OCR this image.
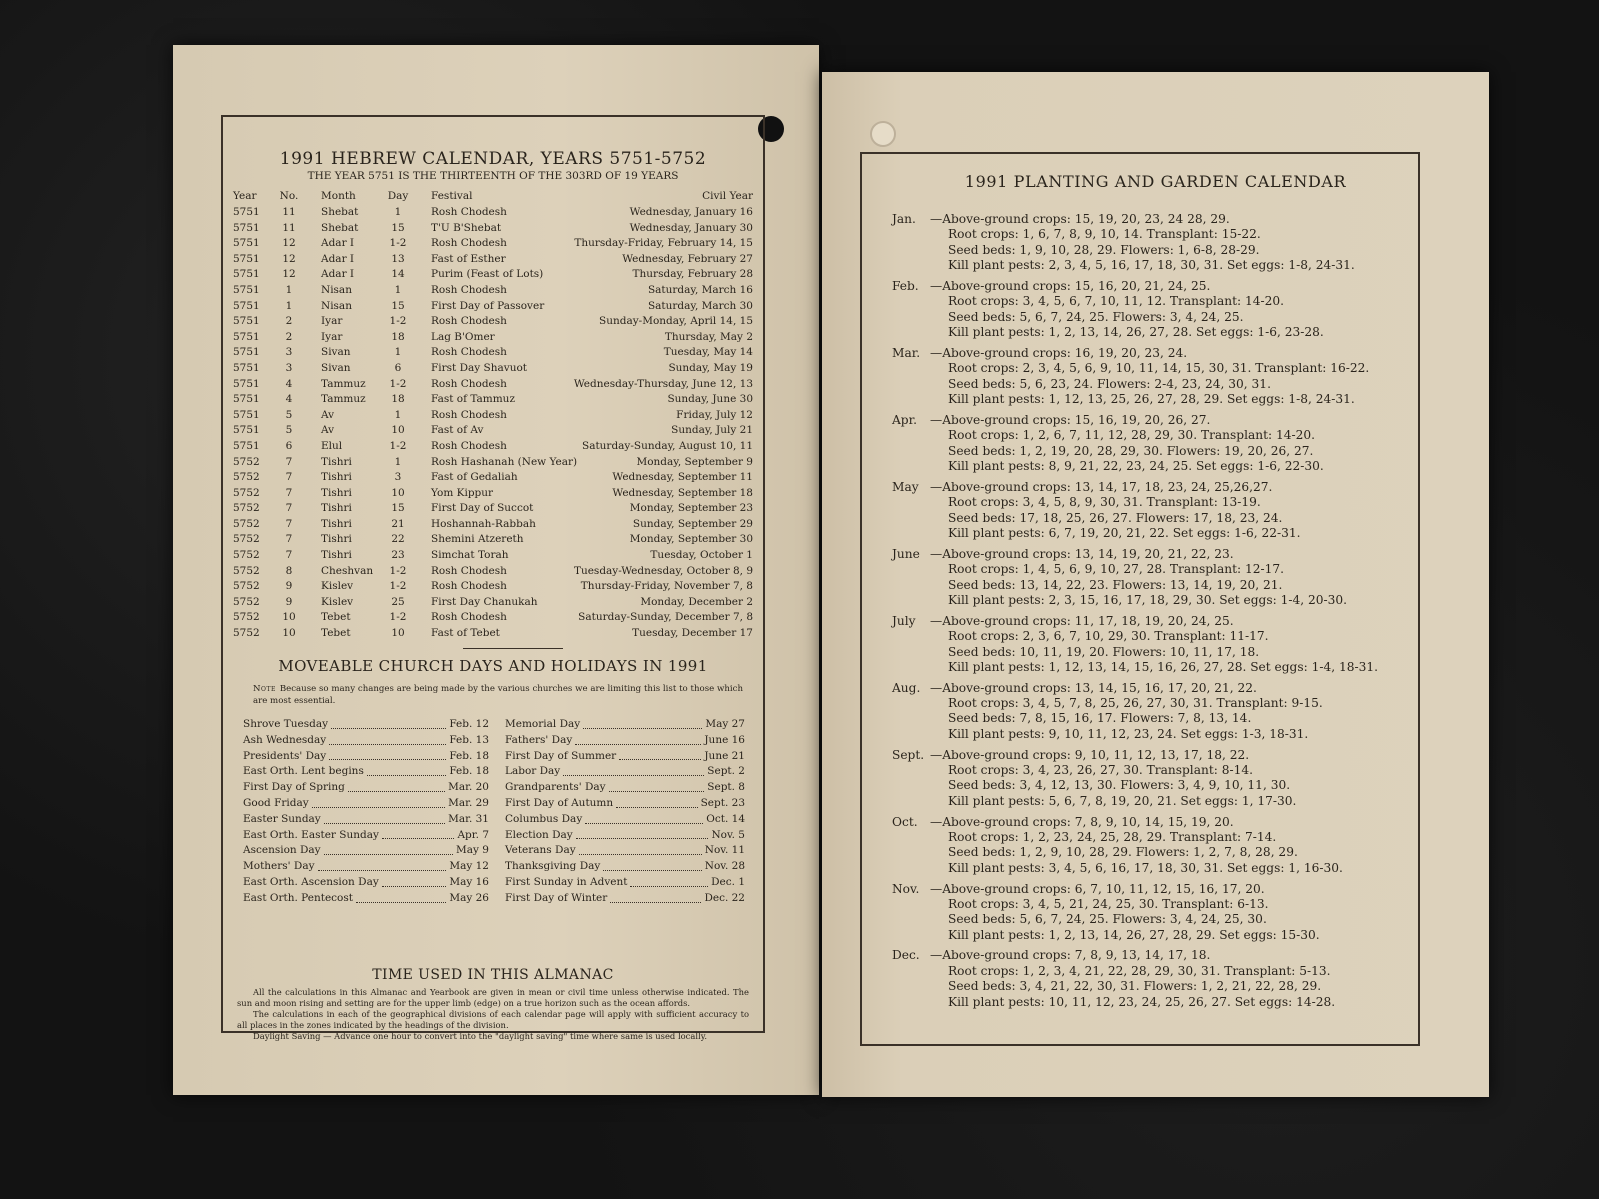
1991 HEBREW CALENDAR, YEARS 5751-5752
THE YEAR 5751 IS THE THIRTEENTH OF THE 303RD OF 19 YEARS
Year	No.	Month	Day	Festival	Civil Year
5751	11	Shebat	1	Rosh Chodesh	Wednesday, January 16
5751	11	Shebat	15	T'U B'Shebat	Wednesday, January 30
5751	12	Adar I	1-2	Rosh Chodesh	Thursday-Friday, February 14, 15
5751	12	Adar I	13	Fast of Esther	Wednesday, February 27
5751	12	Adar I	14	Purim (Feast of Lots)	Thursday, February 28
5751	1	Nisan	1	Rosh Chodesh	Saturday, March 16
5751	1	Nisan	15	First Day of Passover	Saturday, March 30
5751	2	Iyar	1-2	Rosh Chodesh	Sunday-Monday, April 14, 15
5751	2	Iyar	18	Lag B'Omer	Thursday, May 2
5751	3	Sivan	1	Rosh Chodesh	Tuesday, May 14
5751	3	Sivan	6	First Day Shavuot	Sunday, May 19
5751	4	Tammuz	1-2	Rosh Chodesh	Wednesday-Thursday, June 12, 13
5751	4	Tammuz	18	Fast of Tammuz	Sunday, June 30
5751	5	Av	1	Rosh Chodesh	Friday, July 12
5751	5	Av	10	Fast of Av	Sunday, July 21
5751	6	Elul	1-2	Rosh Chodesh	Saturday-Sunday, August 10, 11
5752	7	Tishri	1	Rosh Hashanah (New Year)	Monday, September 9
5752	7	Tishri	3	Fast of Gedaliah	Wednesday, September 11
5752	7	Tishri	10	Yom Kippur	Wednesday, September 18
5752	7	Tishri	15	First Day of Succot	Monday, September 23
5752	7	Tishri	21	Hoshannah-Rabbah	Sunday, September 29
5752	7	Tishri	22	Shemini Atzereth	Monday, September 30
5752	7	Tishri	23	Simchat Torah	Tuesday, October 1
5752	8	Cheshvan	1-2	Rosh Chodesh	Tuesday-Wednesday, October 8, 9
5752	9	Kislev	1-2	Rosh Chodesh	Thursday-Friday, November 7, 8
5752	9	Kislev	25	First Day Chanukah	Monday, December 2
5752	10	Tebet	1-2	Rosh Chodesh	Saturday-Sunday, December 7, 8
5752	10	Tebet	10	Fast of Tebet	Tuesday, December 17
MOVEABLE CHURCH DAYS AND HOLIDAYS IN 1991
Note Because so many changes are being made by the various churches we are limiting this list to those which are most essential.
Shrove Tuesday	Feb. 12
Ash Wednesday	Feb. 13
Presidents' Day	Feb. 18
East Orth. Lent begins	Feb. 18
First Day of Spring	Mar. 20
Good Friday	Mar. 29
Easter Sunday	Mar. 31
East Orth. Easter Sunday	Apr. 7
Ascension Day	May 9
Mothers' Day	May 12
East Orth. Ascension Day	May 16
East Orth. Pentecost	May 26
Memorial Day	May 27
Fathers' Day	June 16
First Day of Summer	June 21
Labor Day	Sept. 2
Grandparents' Day	Sept. 8
First Day of Autumn	Sept. 23
Columbus Day	Oct. 14
Election Day	Nov. 5
Veterans Day	Nov. 11
Thanksgiving Day	Nov. 28
First Sunday in Advent	Dec. 1
First Day of Winter	Dec. 22
TIME USED IN THIS ALMANAC

All the calculations in this Almanac and Yearbook are given in mean or civil time unless otherwise indicated. The sun and moon rising and setting are for the upper limb (edge) on a true horizon such as the ocean affords.

The calculations in each of the geographical divisions of each calendar page will apply with sufficient accuracy to all places in the zones indicated by the headings of the division.

Daylight Saving — Advance one hour to convert into the "daylight saving" time where same is used locally.

1991 PLANTING AND GARDEN CALENDAR
Jan. —Above-ground crops: 15, 19, 20, 23, 24 28, 29.
Root crops: 1, 6, 7, 8, 9, 10, 14. Transplant: 15-22.
Seed beds: 1, 9, 10, 28, 29. Flowers: 1, 6-8, 28-29.
Kill plant pests: 2, 3, 4, 5, 16, 17, 18, 30, 31. Set eggs: 1-8, 24-31.
Feb. —Above-ground crops: 15, 16, 20, 21, 24, 25.
Root crops: 3, 4, 5, 6, 7, 10, 11, 12. Transplant: 14-20.
Seed beds: 5, 6, 7, 24, 25. Flowers: 3, 4, 24, 25.
Kill plant pests: 1, 2, 13, 14, 26, 27, 28. Set eggs: 1-6, 23-28.
Mar. —Above-ground crops: 16, 19, 20, 23, 24.
Root crops: 2, 3, 4, 5, 6, 9, 10, 11, 14, 15, 30, 31. Transplant: 16-22.
Seed beds: 5, 6, 23, 24. Flowers: 2-4, 23, 24, 30, 31.
Kill plant pests: 1, 12, 13, 25, 26, 27, 28, 29. Set eggs: 1-8, 24-31.
Apr. —Above-ground crops: 15, 16, 19, 20, 26, 27.
Root crops: 1, 2, 6, 7, 11, 12, 28, 29, 30. Transplant: 14-20.
Seed beds: 1, 2, 19, 20, 28, 29, 30. Flowers: 19, 20, 26, 27.
Kill plant pests: 8, 9, 21, 22, 23, 24, 25. Set eggs: 1-6, 22-30.
May —Above-ground crops: 13, 14, 17, 18, 23, 24, 25,26,27.
Root crops: 3, 4, 5, 8, 9, 30, 31. Transplant: 13-19.
Seed beds: 17, 18, 25, 26, 27. Flowers: 17, 18, 23, 24.
Kill plant pests: 6, 7, 19, 20, 21, 22. Set eggs: 1-6, 22-31.
June —Above-ground crops: 13, 14, 19, 20, 21, 22, 23.
Root crops: 1, 4, 5, 6, 9, 10, 27, 28. Transplant: 12-17.
Seed beds: 13, 14, 22, 23. Flowers: 13, 14, 19, 20, 21.
Kill plant pests: 2, 3, 15, 16, 17, 18, 29, 30. Set eggs: 1-4, 20-30.
July —Above-ground crops: 11, 17, 18, 19, 20, 24, 25.
Root crops: 2, 3, 6, 7, 10, 29, 30. Transplant: 11-17.
Seed beds: 10, 11, 19, 20. Flowers: 10, 11, 17, 18.
Kill plant pests: 1, 12, 13, 14, 15, 16, 26, 27, 28. Set eggs: 1-4, 18-31.
Aug. —Above-ground crops: 13, 14, 15, 16, 17, 20, 21, 22.
Root crops: 3, 4, 5, 7, 8, 25, 26, 27, 30, 31. Transplant: 9-15.
Seed beds: 7, 8, 15, 16, 17. Flowers: 7, 8, 13, 14.
Kill plant pests: 9, 10, 11, 12, 23, 24. Set eggs: 1-3, 18-31.
Sept. —Above-ground crops: 9, 10, 11, 12, 13, 17, 18, 22.
Root crops: 3, 4, 23, 26, 27, 30. Transplant: 8-14.
Seed beds: 3, 4, 12, 13, 30. Flowers: 3, 4, 9, 10, 11, 30.
Kill plant pests: 5, 6, 7, 8, 19, 20, 21. Set eggs: 1, 17-30.
Oct. —Above-ground crops: 7, 8, 9, 10, 14, 15, 19, 20.
Root crops: 1, 2, 23, 24, 25, 28, 29. Transplant: 7-14.
Seed beds: 1, 2, 9, 10, 28, 29. Flowers: 1, 2, 7, 8, 28, 29.
Kill plant pests: 3, 4, 5, 6, 16, 17, 18, 30, 31. Set eggs: 1, 16-30.
Nov. —Above-ground crops: 6, 7, 10, 11, 12, 15, 16, 17, 20.
Root crops: 3, 4, 5, 21, 24, 25, 30. Transplant: 6-13.
Seed beds: 5, 6, 7, 24, 25. Flowers: 3, 4, 24, 25, 30.
Kill plant pests: 1, 2, 13, 14, 26, 27, 28, 29. Set eggs: 15-30.
Dec. —Above-ground crops: 7, 8, 9, 13, 14, 17, 18.
Root crops: 1, 2, 3, 4, 21, 22, 28, 29, 30, 31. Transplant: 5-13.
Seed beds: 3, 4, 21, 22, 30, 31. Flowers: 1, 2, 21, 22, 28, 29.
Kill plant pests: 10, 11, 12, 23, 24, 25, 26, 27. Set eggs: 14-28.
